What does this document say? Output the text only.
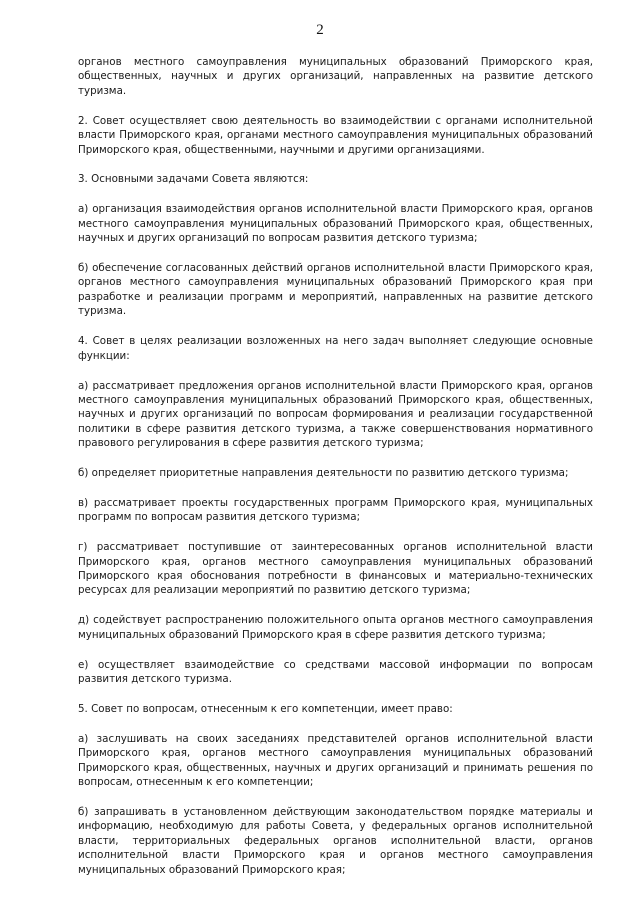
2

органов местного самоуправления муниципальных образований Приморского края, общественных, научных и других организаций, направленных на развитие детского туризма.

2. Совет осуществляет свою деятельность во взаимодействии с органами исполнительной власти Приморского края, органами местного самоуправления муниципальных образований Приморского края, общественными, научными и другими организациями.

3. Основными задачами Совета являются:

а) организация взаимодействия органов исполнительной власти Приморского края, органов местного самоуправления муниципальных образований Приморского края, общественных, научных и других организаций по вопросам развития детского туризма;

б) обеспечение согласованных действий органов исполнительной власти Приморского края, органов местного самоуправления муниципальных образований Приморского края при разработке и реализации программ и мероприятий, направленных на развитие детского туризма.

4. Совет в целях реализации возложенных на него задач выполняет следующие основные функции:

а) рассматривает предложения органов исполнительной власти Приморского края, органов местного самоуправления муниципальных образований Приморского края, общественных, научных и других организаций по вопросам формирования и реализации государственной политики в сфере развития детского туризма, а также совершенствования нормативного правового регулирования в сфере развития детского туризма;

б) определяет приоритетные направления деятельности по развитию детского туризма;

в) рассматривает проекты государственных программ Приморского края, муниципальных программ по вопросам развития детского туризма;

г) рассматривает поступившие от заинтересованных органов исполнительной власти Приморского края, органов местного самоуправления муниципальных образований Приморского края обоснования потребности в финансовых и материально-технических ресурсах для реализации мероприятий по развитию детского туризма;

д) содействует распространению положительного опыта органов местного самоуправления муниципальных образований Приморского края в сфере развития детского туризма;

е) осуществляет взаимодействие со средствами массовой информации по вопросам развития детского туризма.

5. Совет по вопросам, отнесенным к его компетенции, имеет право:

а) заслушивать на своих заседаниях представителей органов исполнительной власти Приморского края, органов местного самоуправления муниципальных образований Приморского края, общественных, научных и других организаций и принимать решения по вопросам, отнесенным к его компетенции;

б) запрашивать в установленном действующим законодательством порядке материалы и информацию, необходимую для работы Совета, у федеральных органов исполнительной власти, территориальных федеральных органов исполнительной власти, органов исполнительной власти Приморского края и органов местного самоуправления муниципальных образований Приморского края;
